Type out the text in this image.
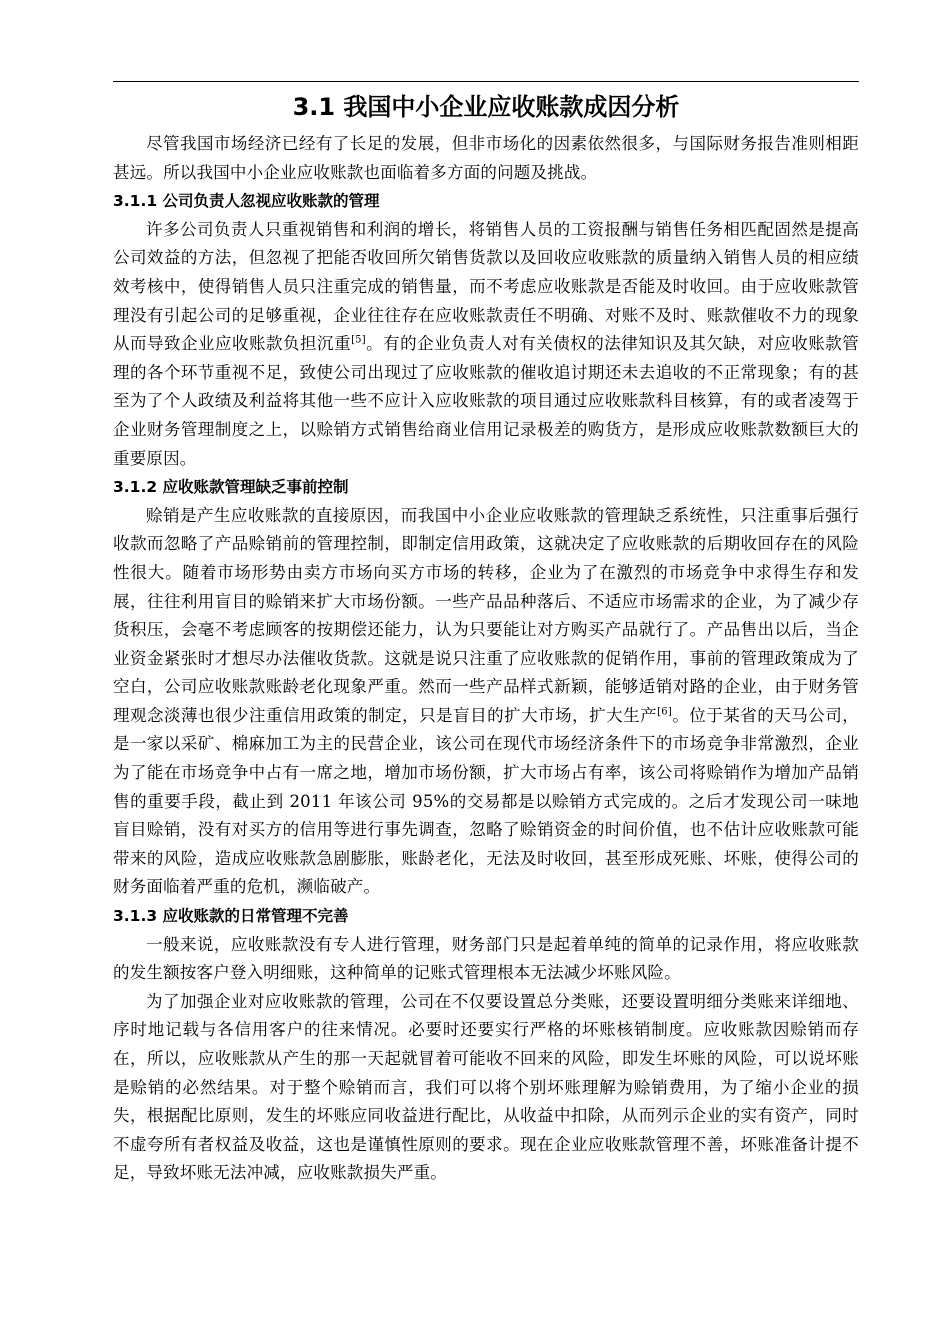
3.1 我国中小企业应收账款成因分析

尽管我国市场经济已经有了长足的发展，但非市场化的因素依然很多，与国际财务报告准则相距甚远。所以我国中小企业应收账款也面临着多方面的问题及挑战。

3.1.1 公司负责人忽视应收账款的管理

许多公司负责人只重视销售和利润的增长，将销售人员的工资报酬与销售任务相匹配固然是提高公司效益的方法，但忽视了把能否收回所欠销售货款以及回收应收账款的质量纳入销售人员的相应绩效考核中，使得销售人员只注重完成的销售量，而不考虑应收账款是否能及时收回。由于应收账款管理没有引起公司的足够重视，企业往往存在应收账款责任不明确、对账不及时、账款催收不力的现象从而导致企业应收账款负担沉重[5]。有的企业负责人对有关债权的法律知识及其欠缺，对应收账款管理的各个环节重视不足，致使公司出现过了应收账款的催收追讨期还未去追收的不正常现象；有的甚至为了个人政绩及利益将其他一些不应计入应收账款的项目通过应收账款科目核算，有的或者凌驾于企业财务管理制度之上，以赊销方式销售给商业信用记录极差的购货方，是形成应收账款数额巨大的重要原因。

3.1.2 应收账款管理缺乏事前控制

赊销是产生应收账款的直接原因，而我国中小企业应收账款的管理缺乏系统性，只注重事后强行收款而忽略了产品赊销前的管理控制，即制定信用政策，这就决定了应收账款的后期收回存在的风险性很大。随着市场形势由卖方市场向买方市场的转移，企业为了在激烈的市场竞争中求得生存和发展，往往利用盲目的赊销来扩大市场份额。一些产品品种落后、不适应市场需求的企业，为了减少存货积压，会毫不考虑顾客的按期偿还能力，认为只要能让对方购买产品就行了。产品售出以后，当企业资金紧张时才想尽办法催收货款。这就是说只注重了应收账款的促销作用，事前的管理政策成为了空白，公司应收账款账龄老化现象严重。然而一些产品样式新颖，能够适销对路的企业，由于财务管理观念淡薄也很少注重信用政策的制定，只是盲目的扩大市场，扩大生产[6]。位于某省的天马公司，是一家以采矿、棉麻加工为主的民营企业，该公司在现代市场经济条件下的市场竞争非常激烈，企业为了能在市场竞争中占有一席之地，增加市场份额，扩大市场占有率，该公司将赊销作为增加产品销售的重要手段，截止到 2011 年该公司 95%的交易都是以赊销方式完成的。之后才发现公司一味地盲目赊销，没有对买方的信用等进行事先调查，忽略了赊销资金的时间价值，也不估计应收账款可能带来的风险，造成应收账款急剧膨胀，账龄老化，无法及时收回，甚至形成死账、坏账，使得公司的财务面临着严重的危机，濒临破产。

3.1.3 应收账款的日常管理不完善

一般来说，应收账款没有专人进行管理，财务部门只是起着单纯的简单的记录作用，将应收账款的发生额按客户登入明细账，这种简单的记账式管理根本无法减少坏账风险。

为了加强企业对应收账款的管理，公司在不仅要设置总分类账，还要设置明细分类账来详细地、序时地记载与各信用客户的往来情况。必要时还要实行严格的坏账核销制度。应收账款因赊销而存在，所以，应收账款从产生的那一天起就冒着可能收不回来的风险，即发生坏账的风险，可以说坏账是赊销的必然结果。对于整个赊销而言，我们可以将个别坏账理解为赊销费用，为了缩小企业的损失，根据配比原则，发生的坏账应同收益进行配比，从收益中扣除，从而列示企业的实有资产，同时不虚夸所有者权益及收益，这也是谨慎性原则的要求。现在企业应收账款管理不善，坏账准备计提不足，导致坏账无法冲减，应收账款损失严重。
